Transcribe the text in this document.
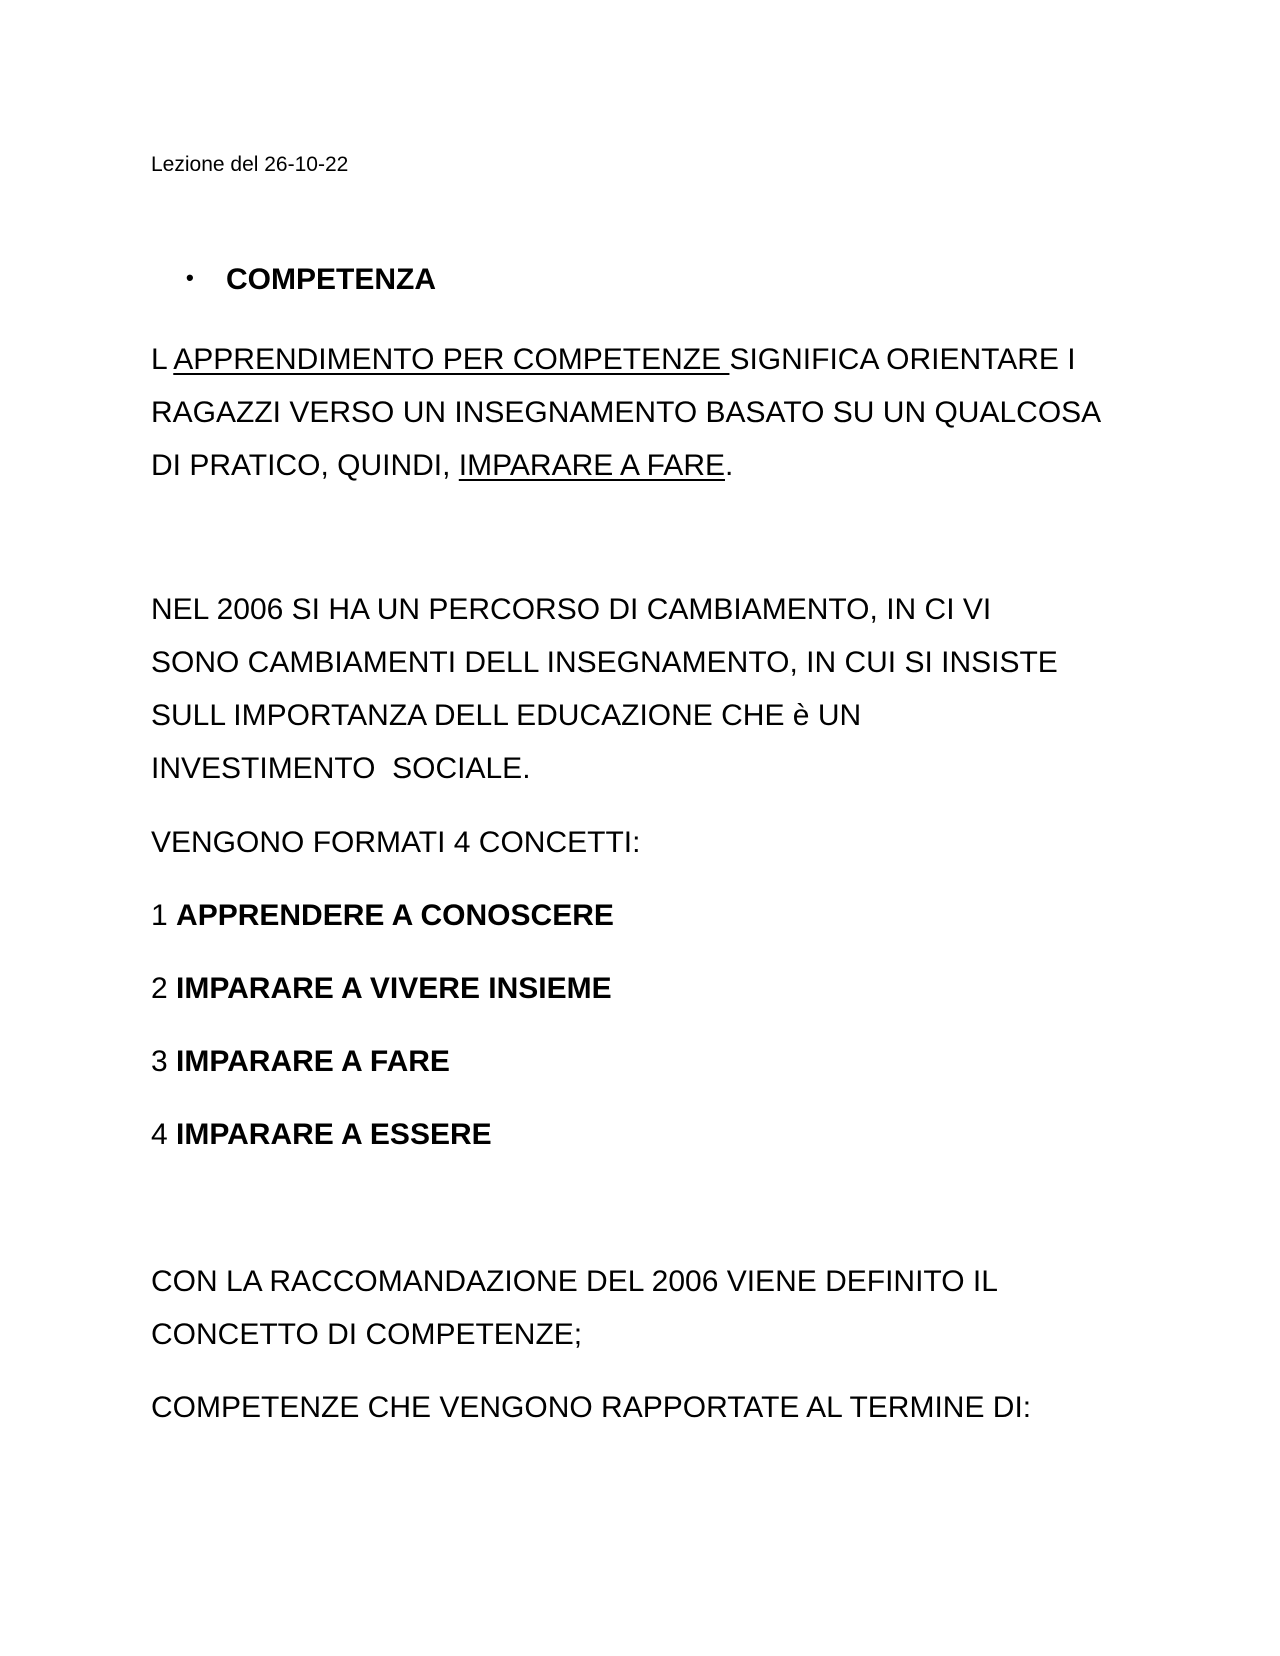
Lezione del 26-10-22
• COMPETENZA
L APPRENDIMENTO PER COMPETENZE SIGNIFICA ORIENTARE I
RAGAZZI VERSO UN INSEGNAMENTO BASATO SU UN QUALCOSA
DI PRATICO, QUINDI, IMPARARE A FARE.
NEL 2006 SI HA UN PERCORSO DI CAMBIAMENTO, IN CI VI
SONO CAMBIAMENTI DELL INSEGNAMENTO, IN CUI SI INSISTE
SULL IMPORTANZA DELL EDUCAZIONE CHE è UN
INVESTIMENTO  SOCIALE.
VENGONO FORMATI 4 CONCETTI:
1 APPRENDERE A CONOSCERE
2 IMPARARE A VIVERE INSIEME
3 IMPARARE A FARE
4 IMPARARE A ESSERE
CON LA RACCOMANDAZIONE DEL 2006 VIENE DEFINITO IL
CONCETTO DI COMPETENZE;
COMPETENZE CHE VENGONO RAPPORTATE AL TERMINE DI:
